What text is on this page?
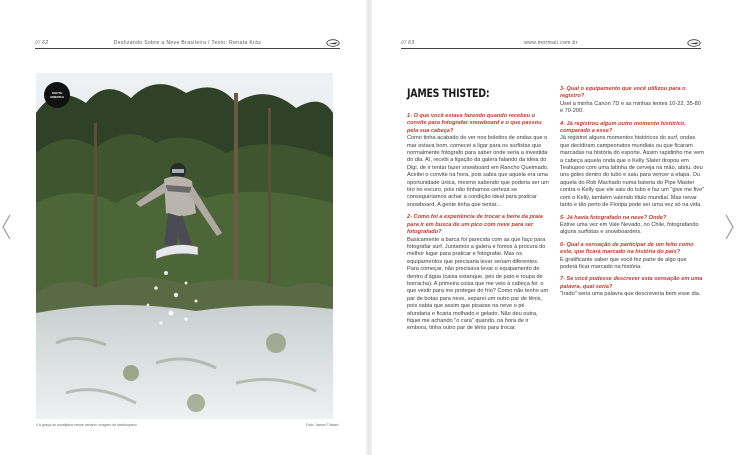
/// 62	Deslizando Sobre a Neve Brasileira / Texto: Renata Krás
SOUTH
AMERICA
I/ A graça do eucaliptos nesse cenário: imagem de desbloqueio	Foto: James Thisted
/// 63	www.mormaii.com.br
JAMES THISTED:

1- O que você estava fazendo quando recebeu o convite para fotografar snowboard e o que passou pela sua cabeça?

Como tinha acabado de ver nos boletins de ondas que o mar estava bom, comecei a ligar para os surfistas que normalmente fotografo para saber onde seria a investida do dia. Aí, recebi a ligação da galera falando da ideia do Digi, de ir tentar fazer snowboard em Rancho Queimado. Aceitei o convite na hora, pois sabia que aquela era uma oportunidade única, mesmo sabendo que poderia ser um tiro no escuro, pois não tínhamos certeza se conseguiríamos achar a condição ideal para praticar snowboard. A gente tinha que tentar...

2- Como foi a experiência de trocar a beira da praia para ir em busca de um pico com neve para ser fotografado?

Basicamente a barca foi parecida com as que faço para fotografar surf. Juntamos a galera e fomos à procura do melhor lugar para praticar e fotografar. Mas os equipamentos que precisaria levar seriam diferentes. Para começar, não precisava levar o equipamento de dentro d'água (caixa estanque, pés de pato e roupa de borracha). A primeira coisa que me veio à cabeça foi: o que vestir para me proteger do frio? Como não tenho um par de botas para neve, separei um outro par de tênis, pois sabia que assim que pisasse na neve o pé afundaria e ficaria molhado e gelado. Não deu outra, fiquei me achando "o cara" quando, na hora de ir embora, tinha outro par de tênis para trocar.

3- Qual o equipamento que você utilizou para o registro?

Usei a minha Canon 7D e as minhas lentes 10-22, 35-80 e 70-200.

4- Já registrou algum outro momento histórico, comparado a esse?

Já registrei alguns momentos históricos do surf, ondas que decidiram campeonatos mundiais ou que ficaram marcadas na história do esporte. Assim rapidinho me vem a cabeça aquela onda que o Kelly Slater dropou em Teahupoo com uma latinha de cerveja na mão, abriu, deu uns goles dentro do tubo e saiu para vencer a etapa. Ou aquela do Rob Machado numa bateria do Pipe Master contra o Kelly que ele saiu do tubo e faz um "give me five" com o Kelly, também valendo título mundial. Mas nevar tanto e tão perto de Floripa pode ser uma vez só na vida.

5- Já havia fotografado na neve? Onde?

Estive uma vez em Vale Nevado, no Chile, fotografando alguns surfistas e snowboarders.

6- Qual a sensação de participar de um feito como este, que ficará marcado na história do país?

É gratificante saber que você fez parte de algo que poderá ficar marcado na história.

7- Se você pudesse descrever esta sensação em uma palavra, qual seria?

"Irado" seria uma palavra que descreveria bem esse dia.
